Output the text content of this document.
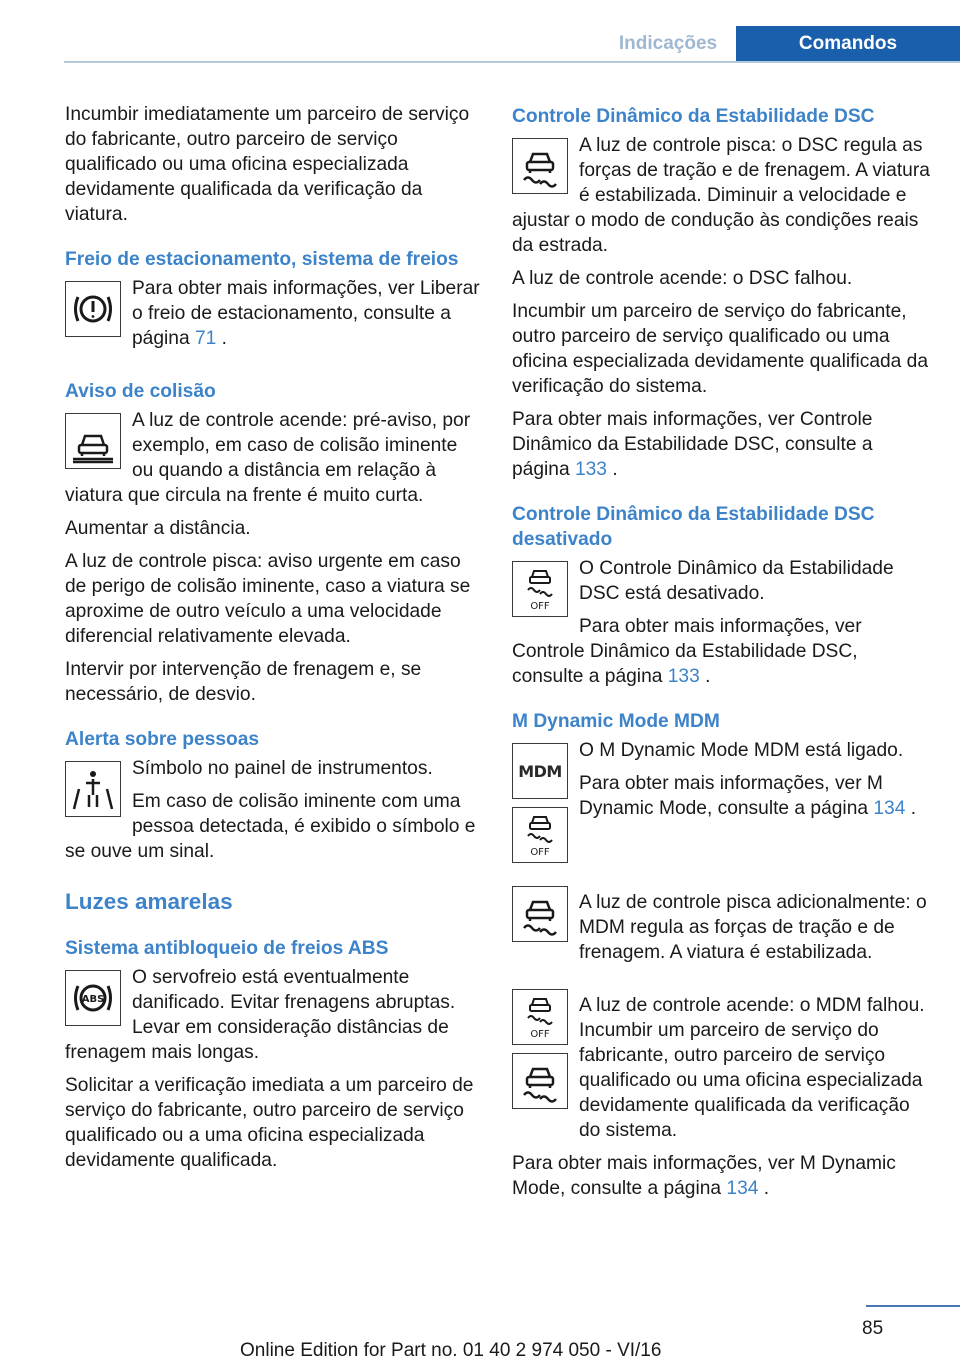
Indicações	Comandos

Incumbir imediatamente um parceiro de serviço do fabricante, outro parceiro de serviço qualificado ou uma oficina especializada devidamente qualificada da verificação da viatura.

Freio de estacionamento, sistema de freios

Para obter mais informações, ver Liberar o freio de estacionamento, consulte a página 71 .

Aviso de colisão

A luz de controle acende: pré-aviso, por exemplo, em caso de colisão iminente ou quando a distância em relação à viatura que circula na frente é muito curta.

Aumentar a distância.

A luz de controle pisca: aviso urgente em caso de perigo de colisão iminente, caso a viatura se aproxime de outro veículo a uma velocidade diferencial relativamente elevada.

Intervir por intervenção de frenagem e, se necessário, de desvio.

Alerta sobre pessoas

Símbolo no painel de instrumentos.

Em caso de colisão iminente com uma pessoa detectada, é exibido o símbolo e se ouve um sinal.

Luzes amarelas
Sistema antibloqueio de freios ABS
ABS

O servofreio está eventualmente danificado. Evitar frenagens abruptas. Levar em consideração distâncias de frenagem mais longas.

Solicitar a verificação imediata a um parceiro de serviço do fabricante, outro parceiro de serviço qualificado ou a uma oficina especializada devidamente qualificada.

Controle Dinâmico da Estabilidade DSC

A luz de controle pisca: o DSC regula as forças de tração e de frenagem. A viatura é estabilizada. Diminuir a velocidade e ajustar o modo de condução às condições reais da estrada.

A luz de controle acende: o DSC falhou.

Incumbir um parceiro de serviço do fabricante, outro parceiro de serviço qualificado ou uma oficina especializada devidamente qualificada da verificação do sistema.

Para obter mais informações, ver Controle Dinâmico da Estabilidade DSC, consulte a página 133 .

Controle Dinâmico da Estabilidade DSC desativado
OFF

O Controle Dinâmico da Estabilidade DSC está desativado.

Para obter mais informações, ver Controle Dinâmico da Estabilidade DSC, consulte a página 133 .

M Dynamic Mode MDM
MDM
OFF

O M Dynamic Mode MDM está ligado.

Para obter mais informações, ver M Dynamic Mode, consulte a página 134 .

A luz de controle pisca adicionalmente: o MDM regula as forças de tração e de frenagem. A viatura é estabilizada.

OFF

A luz de controle acende: o MDM falhou. Incumbir um parceiro de serviço do fabricante, outro parceiro de serviço qualificado ou uma oficina especializada devidamente qualificada da verificação do sistema.

Para obter mais informações, ver M Dynamic Mode, consulte a página 134 .

85
Online Edition for Part no. 01 40 2 974 050 - VI/16
